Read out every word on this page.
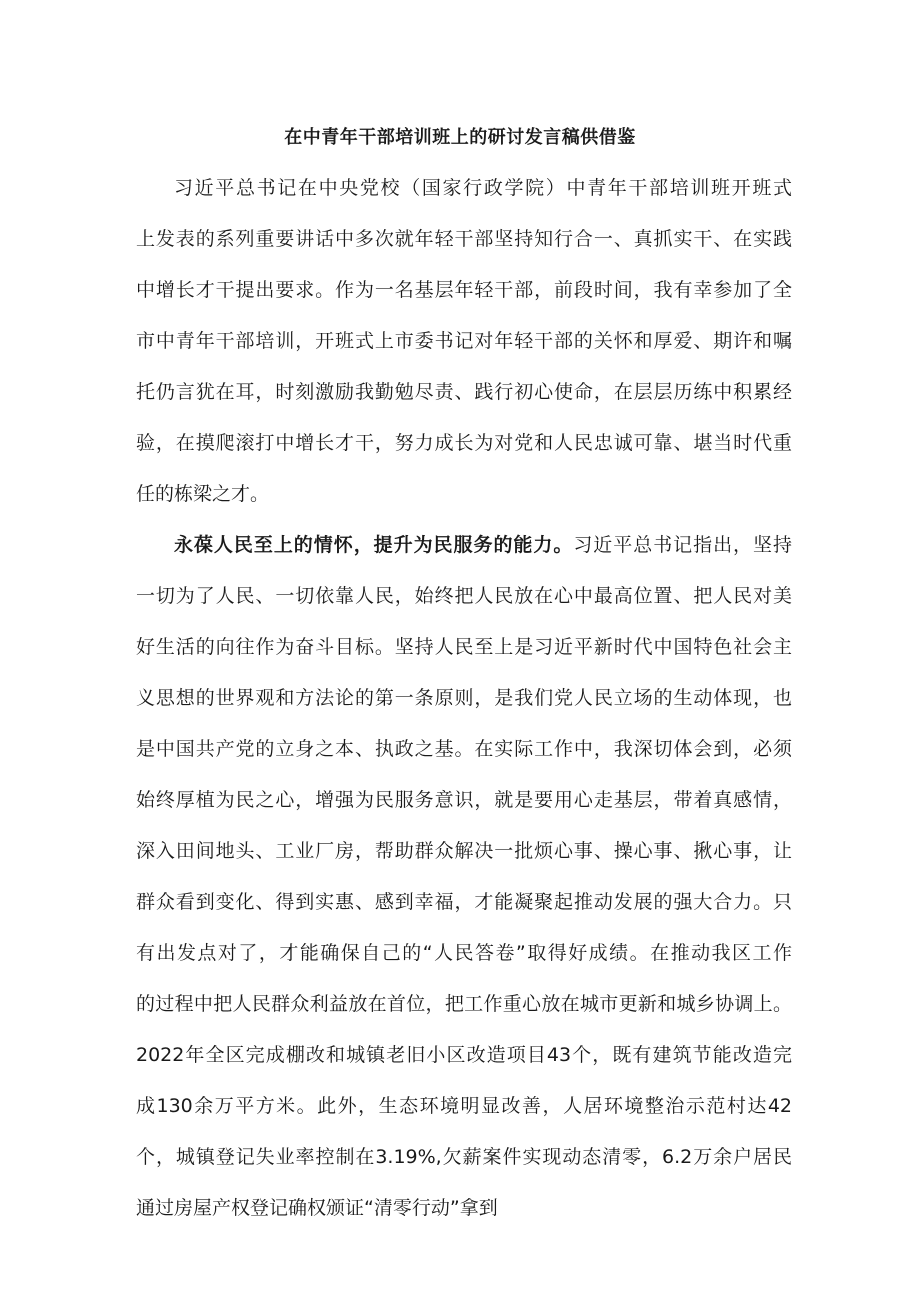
在中青年干部培训班上的研讨发言稿供借鉴
习近平总书记在中央党校（国家行政学院）中青年干部培训班开班式
上发表的系列重要讲话中多次就年轻干部坚持知行合一、真抓实干、在实践
中增长才干提出要求。作为一名基层年轻干部，前段时间，我有幸参加了全
市中青年干部培训，开班式上市委书记对年轻干部的关怀和厚爱、期许和嘱
托仍言犹在耳，时刻激励我勤勉尽责、践行初心使命，在层层历练中积累经
验，在摸爬滚打中增长才干，努力成长为对党和人民忠诚可靠、堪当时代重
任的栋梁之才。
永葆人民至上的情怀，提升为民服务的能力。习近平总书记指出，坚持
一切为了人民、一切依靠人民，始终把人民放在心中最高位置、把人民对美
好生活的向往作为奋斗目标。坚持人民至上是习近平新时代中国特色社会主
义思想的世界观和方法论的第一条原则，是我们党人民立场的生动体现，也
是中国共产党的立身之本、执政之基。在实际工作中，我深切体会到，必须
始终厚植为民之心，增强为民服务意识，就是要用心走基层，带着真感情，
深入田间地头、工业厂房，帮助群众解决一批烦心事、操心事、揪心事，让
群众看到变化、得到实惠、感到幸福，才能凝聚起推动发展的强大合力。只
有出发点对了，才能确保自己的“人民答卷”取得好成绩。在推动我区工作
的过程中把人民群众利益放在首位，把工作重心放在城市更新和城乡协调上。
2022年全区完成棚改和城镇老旧小区改造项目43个，既有建筑节能改造完
成130余万平方米。此外，生态环境明显改善，人居环境整治示范村达42
个，城镇登记失业率控制在3.19%,欠薪案件实现动态清零，6.2万余户居民
通过房屋产权登记确权颁证“清零行动”拿到
